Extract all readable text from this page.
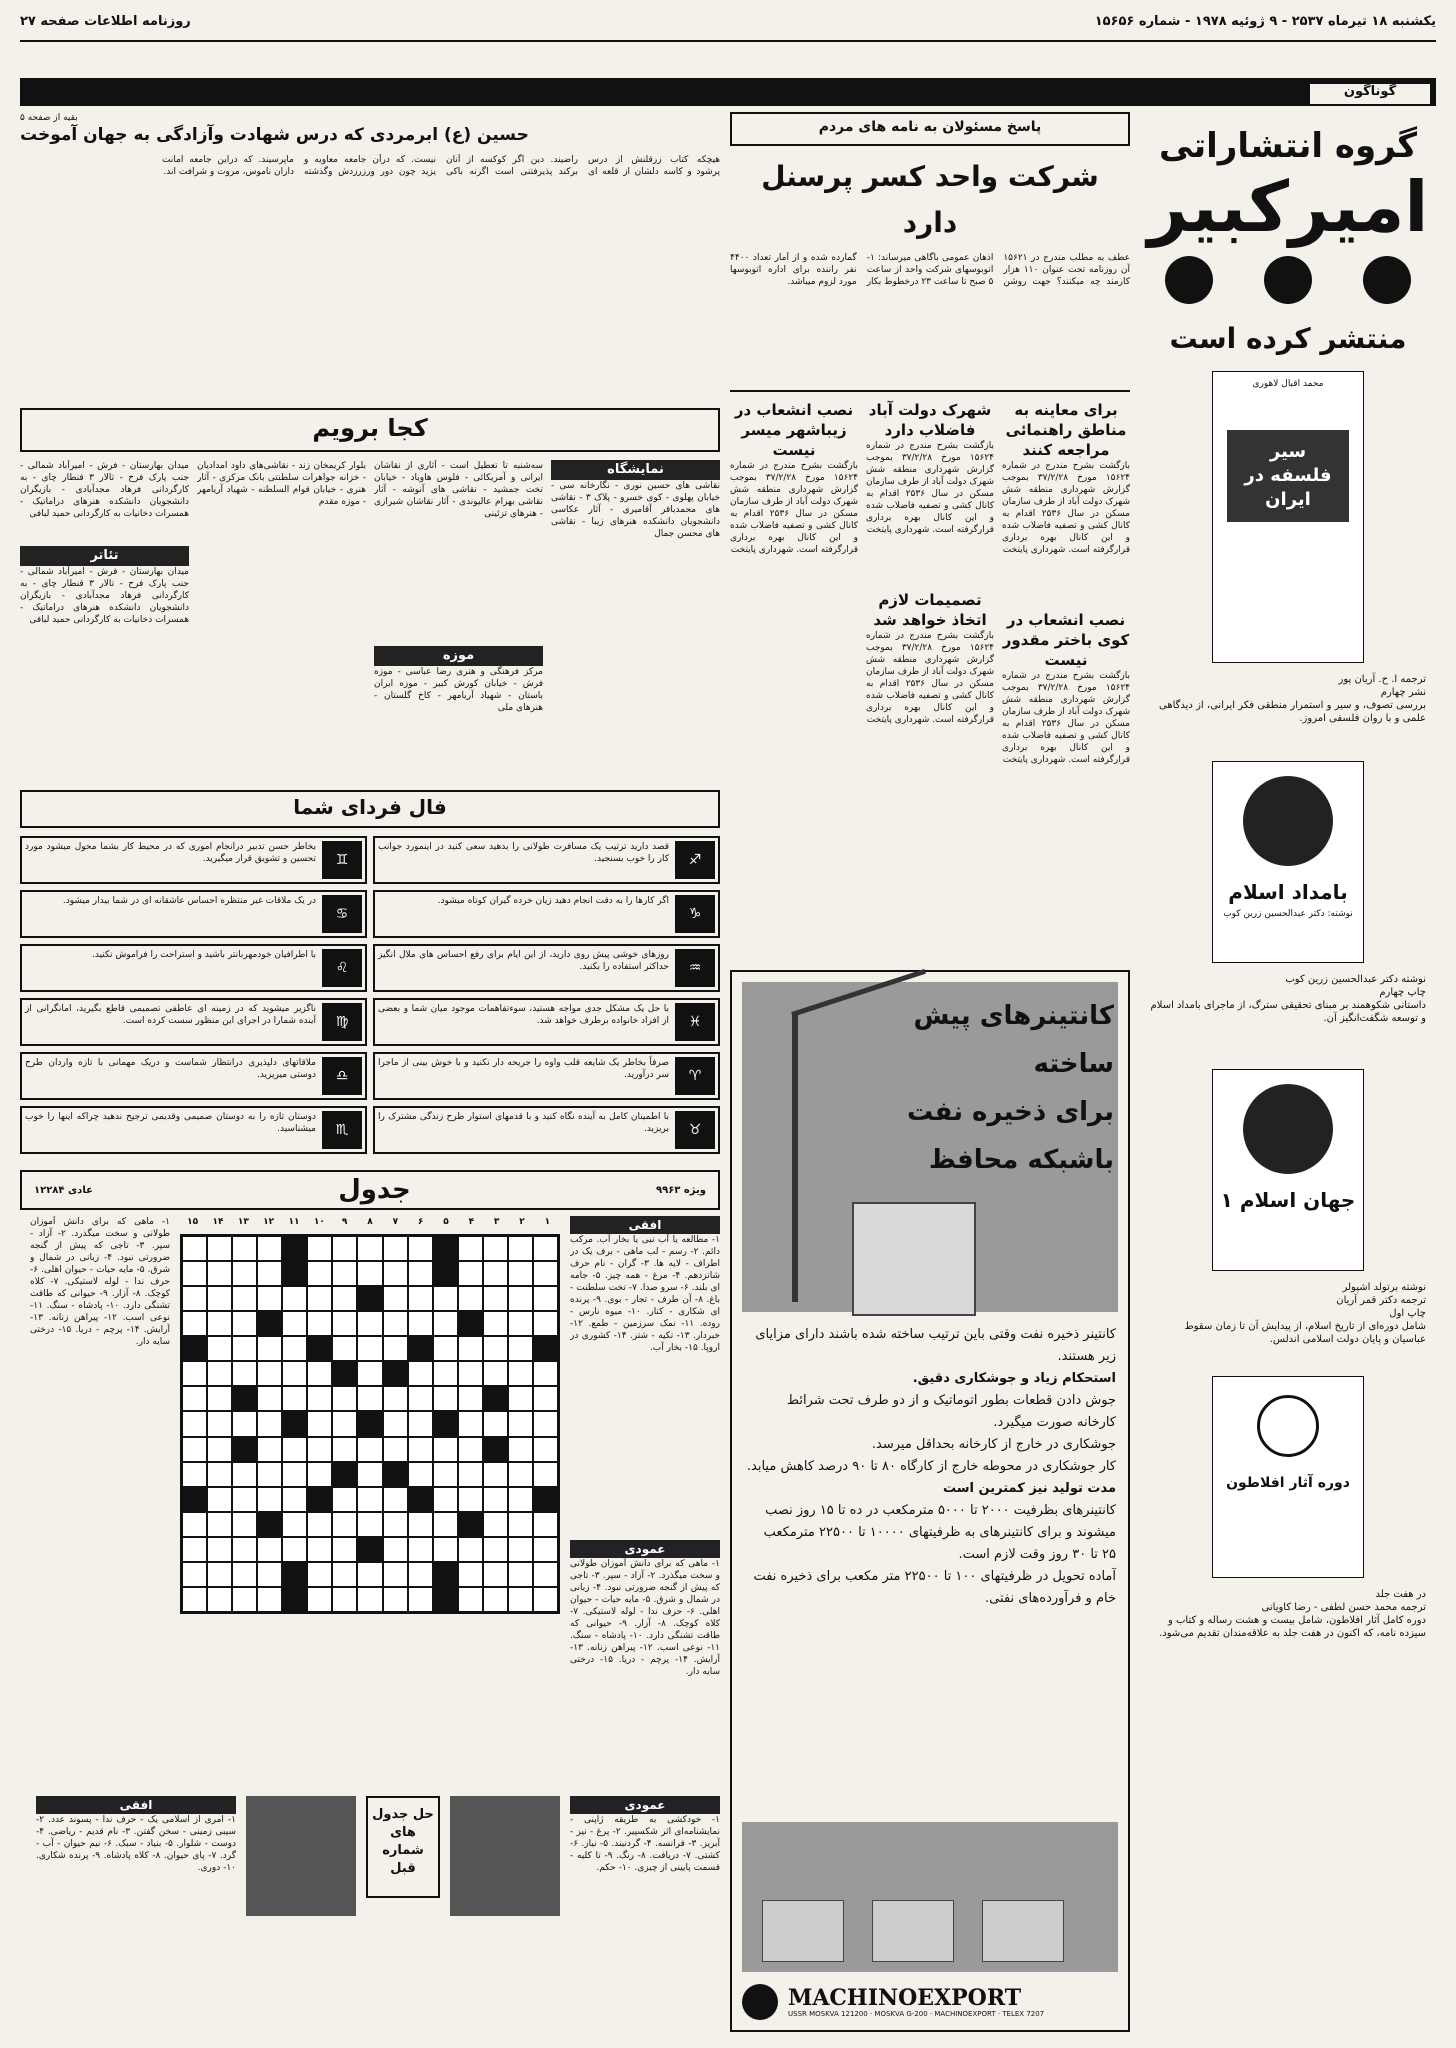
یکشنبه ۱۸ تیرماه ۲۵۳۷ - ۹ ژوئیه ۱۹۷۸ - شماره ۱۵۶۵۶
روزنامه اطلاعات صفحه ۲۷
گوناگون
گروه انتشاراتی
امیرکبیر
منتشر کرده است
محمد اقبال لاهوری
سیر فلسفه در ایران
ترجمه ا. ح. آریان پور
نشر چهارم
بررسی تصوف، و سیر و استمرار منطقی فکر ایرانی، از دیدگاهی علمی و با روان فلسفی امروز.
بامداد اسلام
نوشته: دکتر عبدالحسین زرین کوب
نوشته دکتر عبدالحسین زرین کوب
چاپ چهارم
داستانی شکوهمند بر مبنای تحقیقی سترگ، از ماجرای بامداد اسلام و توسعه شگفت‌انگیز آن.
جهان اسلام ۱
نوشته برتولد اشپولر
ترجمه دکتر قمر آریان
چاپ اول
شامل دوره‌ای از تاریخ اسلام، از پیدایش آن تا زمان سقوط عباسیان و پایان دولت اسلامی اندلس.
دوره آثار افلاطون
در هفت جلد
ترجمه محمد حسن لطفی - رضا کاویانی
دوره کامل آثار افلاطون، شامل بیست و هشت رساله و کتاب و سیزده نامه، که اکنون در هفت جلد به علاقه‌مندان تقدیم می‌شود.
پاسخ مسئولان به نامه های مردم
شرکت واحد کسر پرسنل دارد
عطف به مطلب مندرج در ۱۵۶۲۱ آن روزنامه تحت عنوان ۱۱۰ هزار کارمند چه میکنند؟ جهت روشن اذهان عمومی باگاهی میرساند: ۱- اتوبوسهای شرکت واحد از ساعت ۵ صبح تا ساعت ۲۳ درخطوط بکار گمارده شده و از آمار تعداد ۴۴۰۰ نفر راننده برای اداره اتوبوسها مورد لزوم میباشد.
برای معاینه به مناطق راهنمائی مراجعه کنند
بازگشت بشرح مندرج در شماره ۱۵۶۲۴ مورخ ۳۷/۲/۲۸ بموجب گزارش شهرداری منطقه شش شهرک دولت آباد از طرف سازمان مسکن در سال ۲۵۳۶ اقدام به کانال کشی و تصفیه فاضلاب شده و این کانال بهره برداری قرارگرفته است. شهرداری پایتخت
نصب انشعاب در کوی باختر مقدور نیست
بازگشت بشرح مندرج در شماره ۱۵۶۲۴ مورخ ۳۷/۲/۲۸ بموجب گزارش شهرداری منطقه شش شهرک دولت آباد از طرف سازمان مسکن در سال ۲۵۳۶ اقدام به کانال کشی و تصفیه فاضلاب شده و این کانال بهره برداری قرارگرفته است. شهرداری پایتخت
شهرک دولت آباد فاضلاب دارد
بازگشت بشرح مندرج در شماره ۱۵۶۲۴ مورخ ۳۷/۲/۲۸ بموجب گزارش شهرداری منطقه شش شهرک دولت آباد از طرف سازمان مسکن در سال ۲۵۳۶ اقدام به کانال کشی و تصفیه فاضلاب شده و این کانال بهره برداری قرارگرفته است. شهرداری پایتخت
تصمیمات لازم اتخاذ خواهد شد
بازگشت بشرح مندرج در شماره ۱۵۶۲۴ مورخ ۳۷/۲/۲۸ بموجب گزارش شهرداری منطقه شش شهرک دولت آباد از طرف سازمان مسکن در سال ۲۵۳۶ اقدام به کانال کشی و تصفیه فاضلاب شده و این کانال بهره برداری قرارگرفته است. شهرداری پایتخت
نصب انشعاب در زیباشهر میسر نیست
بازگشت بشرح مندرج در شماره ۱۵۶۲۴ مورخ ۳۷/۲/۲۸ بموجب گزارش شهرداری منطقه شش شهرک دولت آباد از طرف سازمان مسکن در سال ۲۵۳۶ اقدام به کانال کشی و تصفیه فاضلاب شده و این کانال بهره برداری قرارگرفته است. شهرداری پایتخت
بقیه از صفحه ۵
حسین (ع) ابرمردی که درس شهادت وآزادگی به جهان آموخت
هیچکه کتاب زرقلنش از درس پرشود و کاسه دلشان از قلعه ای راضیند. دین اگر کوکسه از آنان برکند پذیرفتنی است اگرنه باکی نیست. که درآن جامعه معاویه و یزید چون دور ورزرزدش وگذشته ماپرسیند. که دراین جامعه امانت داران ناموس، مروت و شرافت اند.
کجا برویم
نمایشگاه
نقاشی های حسین نوری - نگارخانه سی - خیابان پهلوی - کوی خسرو - پلاک ۳ - نقاشی های محمدباقر آقامیری - آثار عکاسی دانشجویان دانشکده هنرهای زیبا - نقاشی های محسن جمال
سه‌شنبه تا تعطیل است - آثاری از نقاشان ایرانی و آمریکائی - فلوس هاویاد - خیابان تخت جمشید - نقاشی های آنوشه - آثار نقاشی بهرام عالیوندی - آثار نقاشان شیرازی - هنرهای تزئینی
موزه
مرکز فرهنگی و هنری رضا عباسی - موزه فرش - خیابان کورش کبیر - موزه ایران باستان - شهیاد آریامهر - کاخ گلستان - هنرهای ملی
بلوار کریمخان زند - نقاشی‌های داود امدادیان - خزانه جواهرات سلطنتی بانک مرکزی - آثار هنری - خیابان قوام السلطنه - شهیاد آریامهر - موزه مقدم
میدان بهارستان - فرش - امیرآباد شمالی - جنب پارک فرح - تالار ۳ قنطار چای - به کارگردانی فرهاد مجدآبادی - بازیگران دانشجویان دانشکده هنرهای دراماتیک - همسرات دخانیات به کارگردانی حمید لبافی
تئاتر
میدان بهارستان - فرش - امیرآباد شمالی - جنب پارک فرح - تالار ۳ قنطار چای - به کارگردانی فرهاد مجدآبادی - بازیگران دانشجویان دانشکده هنرهای دراماتیک - همسرات دخانیات به کارگردانی حمید لبافی
فال فردای شما
♐
قصد دارید ترتیب یک مسافرت طولانی را بدهید سعی کنید در اینمورد جوانب کار را خوب بسنجید.
♑
اگر کارها را به دقت انجام دهید زیان خرده گیران کوتاه میشود.
♒
روزهای خوشی پیش روی دارید، از این ایام برای رفع احساس های ملال انگیز حداکثر استفاده را بکنید.
♓
با حل یک مشکل جدی مواجه هستید، سوءتفاهمات موجود میان شما و بعضی از افراد خانواده برطرف خواهد شد.
♈
صرفاً بخاطر یک شایعه قلب واوه را جریحه دار نکنید و با خوش بینی از ماجرا سر درآورید.
♉
با اطمینان کامل به آینده نگاه کنید و با قدمهای استوار طرح زندگی مشترک را بریزید.
♊
بخاطر حسن تدبیر درانجام اموری که در محیط کار بشما محول میشود مورد تحسین و تشویق قرار میگیرید.
♋
در یک ملاقات غیر منتظره احساس عاشقانه ای در شما بیدار میشود.
♌
با اطرافیان خودمهربانتر باشید و استراحت را فراموش نکنید.
♍
ناگزیر میشوید که در زمینه ای عاطفی تصمیمی قاطع بگیرید، امانگرانی از آینده شمارا در اجرای این منظور سست کرده است.
♎
ملاقاتهای دلپذیری درانتظار شماست و دریک مهمانی با تازه واردان طرح دوستی میریزید.
♏
دوستان تازه را به دوستان صمیمی وقدیمی ترجیح ندهید چراکه اینها را خوب میشناسید.
ویژه ۹۹۶۳
جدول
عادی ۱۲۲۸۴
افقی
۱- مطالعه یا آب نبی یا بخار آب. مرکب دائم. ۲- رسم - لب ماهی - برف یک در اطراف - لایه ها. ۳- گران - نام حرف شانزدهم. ۴- مرغ - همه چیز. ۵- جامه ای بلند. ۶- سرو صدا. ۷- تخت سلطنت - باغ. ۸- آن طرف - تجار - بوی. ۹- پرنده ای شکاری - کنار. ۱۰- میوه نارس - روده. ۱۱- نمک سرزمین - طمع. ۱۲- خبردار. ۱۳- تکیه - شتر. ۱۴- کشوری در اروپا. ۱۵- بخار آب.
عمودی
۱- ماهی که برای دانش آموزان طولانی و سخت میگذرد. ۲- آزاد - سپر. ۳- تاجی که پیش از گنجه ضرورتی نبود. ۴- زبانی در شمال و شرق. ۵- مایه حیات - حیوان اهلی. ۶- حرف ندا - لوله لاستیکی. ۷- کلاه کوچک. ۸- آزار. ۹- حیوانی که طاقت تشنگی دارد. ۱۰- پادشاه - سنگ. ۱۱- نوعی اسب. ۱۲- پیراهن زنانه. ۱۳- آرایش. ۱۴- پرچم - دریا. ۱۵- درختی سایه دار.
۱
۲
۳
۴
۵
۶
۷
۸
۹
۱۰
۱۱
۱۲
۱۳
۱۴
۱۵
۱- ماهی که برای دانش آموزان طولانی و سخت میگذرد. ۲- آزاد - سپر. ۳- تاجی که پیش از گنجه ضرورتی نبود. ۴- زبانی در شمال و شرق. ۵- مایه حیات - حیوان اهلی. ۶- حرف ندا - لوله لاستیکی. ۷- کلاه کوچک. ۸- آزار. ۹- حیوانی که طاقت تشنگی دارد. ۱۰- پادشاه - سنگ. ۱۱- نوعی اسب. ۱۲- پیراهن زنانه. ۱۳- آرایش. ۱۴- پرچم - دریا. ۱۵- درختی سایه دار.
عمودی
۱- خودکشی به طریقه ژاپنی - نمایشنامه‌ای اثر شکسپیر. ۲- پرغ - نیز - آبریز. ۳- فرانسه. ۴- گردنبند. ۵- نیاز. ۶- کشتی. ۷- دریافت. ۸- رنگ. ۹- تا کلیه - قسمت پایینی از چیزی. ۱۰- حکم.
حل جدول های شماره قبل
افقی
۱- امری از اسلامی یک - حرف ندا - پسوند عدد. ۲- سیبی زمینی - سخن گفتن. ۳- نام قدیم - ریاضی. ۴- دوست - شلوار. ۵- بنیاد - سبک. ۶- نیم حیوان - آب - گرد. ۷- پای حیوان. ۸- کلاه پادشاه. ۹- پرنده شکاری. ۱۰- دوری.
کانتینرهای پیش ساخته
برای ذخیره نفت
باشبکه محافظ
کانتینر ذخیره نفت وقتی باین ترتیب ساخته شده باشند دارای مزایای زیر هستند.
استحکام زیاد و جوشکاری دقیق.
جوش دادن قطعات بطور اتوماتیک و از دو طرف تحت شرائط کارخانه صورت میگیرد.
جوشکاری در خارج از کارخانه بحداقل میرسد.
کار جوشکاری در محوطه خارج از کارگاه ۸۰ تا ۹۰ درصد کاهش میابد.
مدت تولید نیز کمترین است
کانتینرهای بظرفیت ۲۰۰۰ تا ۵۰۰۰ مترمکعب در ده تا ۱۵ روز نصب میشوند و برای کانتینرهای به ظرفیتهای ۱۰۰۰۰ تا ۲۲۵۰۰ مترمکعب ۲۵ تا ۳۰ روز وقت لازم است.
آماده تحویل در ظرفیتهای ۱۰۰ تا ۲۲۵۰۰ متر مکعب برای ذخیره نفت خام و فرآورده‌های نفتی.
MACHINOEXPORT
USSR MOSKVA 121200 · MOSKVA G-200 · MACHINOEXPORT · TELEX 7207
